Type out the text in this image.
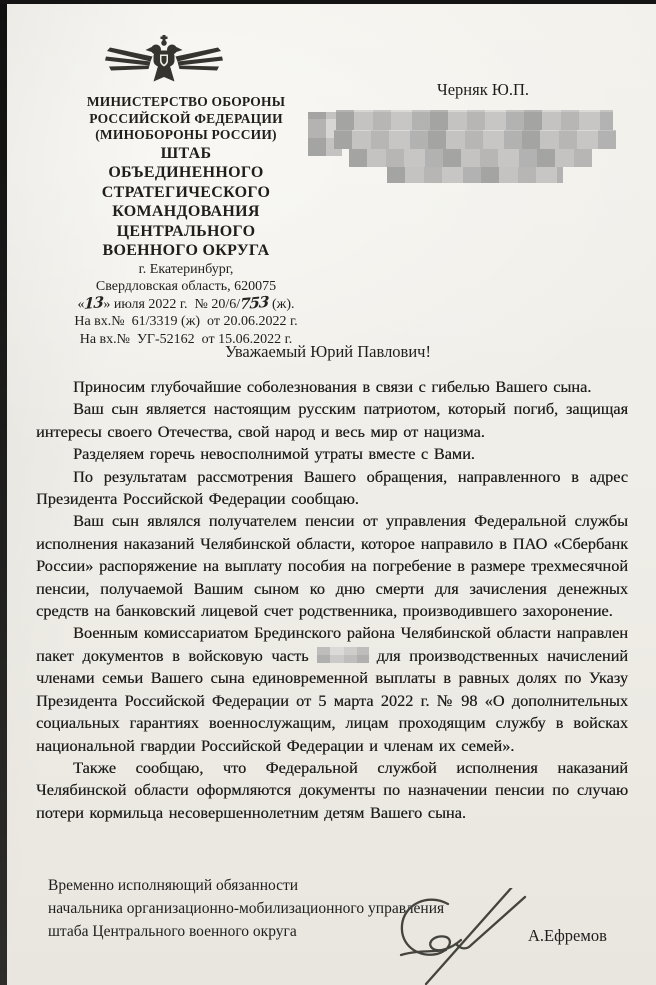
МИНИСТЕРСТВО ОБОРОНЫ
РОССИЙСКОЙ ФЕДЕРАЦИИ
(МИНОБОРОНЫ РОССИИ)
ШТАБ
ОБЪЕДИНЕННОГО
СТРАТЕГИЧЕСКОГО
КОМАНДОВАНИЯ
ЦЕНТРАЛЬНОГО
ВОЕННОГО ОКРУГА
г. Екатеринбург,
Свердловская область, 620075
«13» июля 2022 г.  № 20/6/753 (ж).
На вх.№  61/3319 (ж)  от 20.06.2022 г.
На вх.№  УГ-52162  от 15.06.2022 г.
Черняк Ю.П.
Уважаемый Юрий Павлович!

Приносим глубочайшие соболезнования в связи с гибелью Вашего сына.

Ваш сын является настоящим русским патриотом, который погиб, защищая интересы своего Отечества, свой народ и весь мир от нацизма.

Разделяем горечь невосполнимой утраты вместе с Вами.

По результатам рассмотрения Вашего обращения, направленного в адрес Президента Российской Федерации сообщаю.

Ваш сын являлся получателем пенсии от управления Федеральной службы исполнения наказаний Челябинской области, которое направило в ПАО «Сбербанк России» распоряжение на выплату пособия на погребение в размере трехмесячной пенсии, получаемой Вашим сыном ко дню смерти для зачисления денежных средств на банковский лицевой счет родственника, производившего захоронение.

Военным комиссариатом Брединского района Челябинской области направлен пакет документов в войсковую часть	для производственных начислений членами семьи Вашего сына единовременной выплаты в равных долях по Указу Президента Российской Федерации от 5 марта 2022 г. № 98 «О дополнительных социальных гарантиях военнослужащим, лицам проходящим службу в войсках национальной гвардии Российской Федерации и членам их семей».

Также сообщаю, что Федеральной службой исполнения наказаний Челябинской области оформляются документы по назначении пенсии по случаю потери кормильца несовершеннолетним детям Вашего сына.

Временно исполняющий обязанности
начальника организационно-мобилизационного управления
штаба Центрального военного округа	А.Ефремов
